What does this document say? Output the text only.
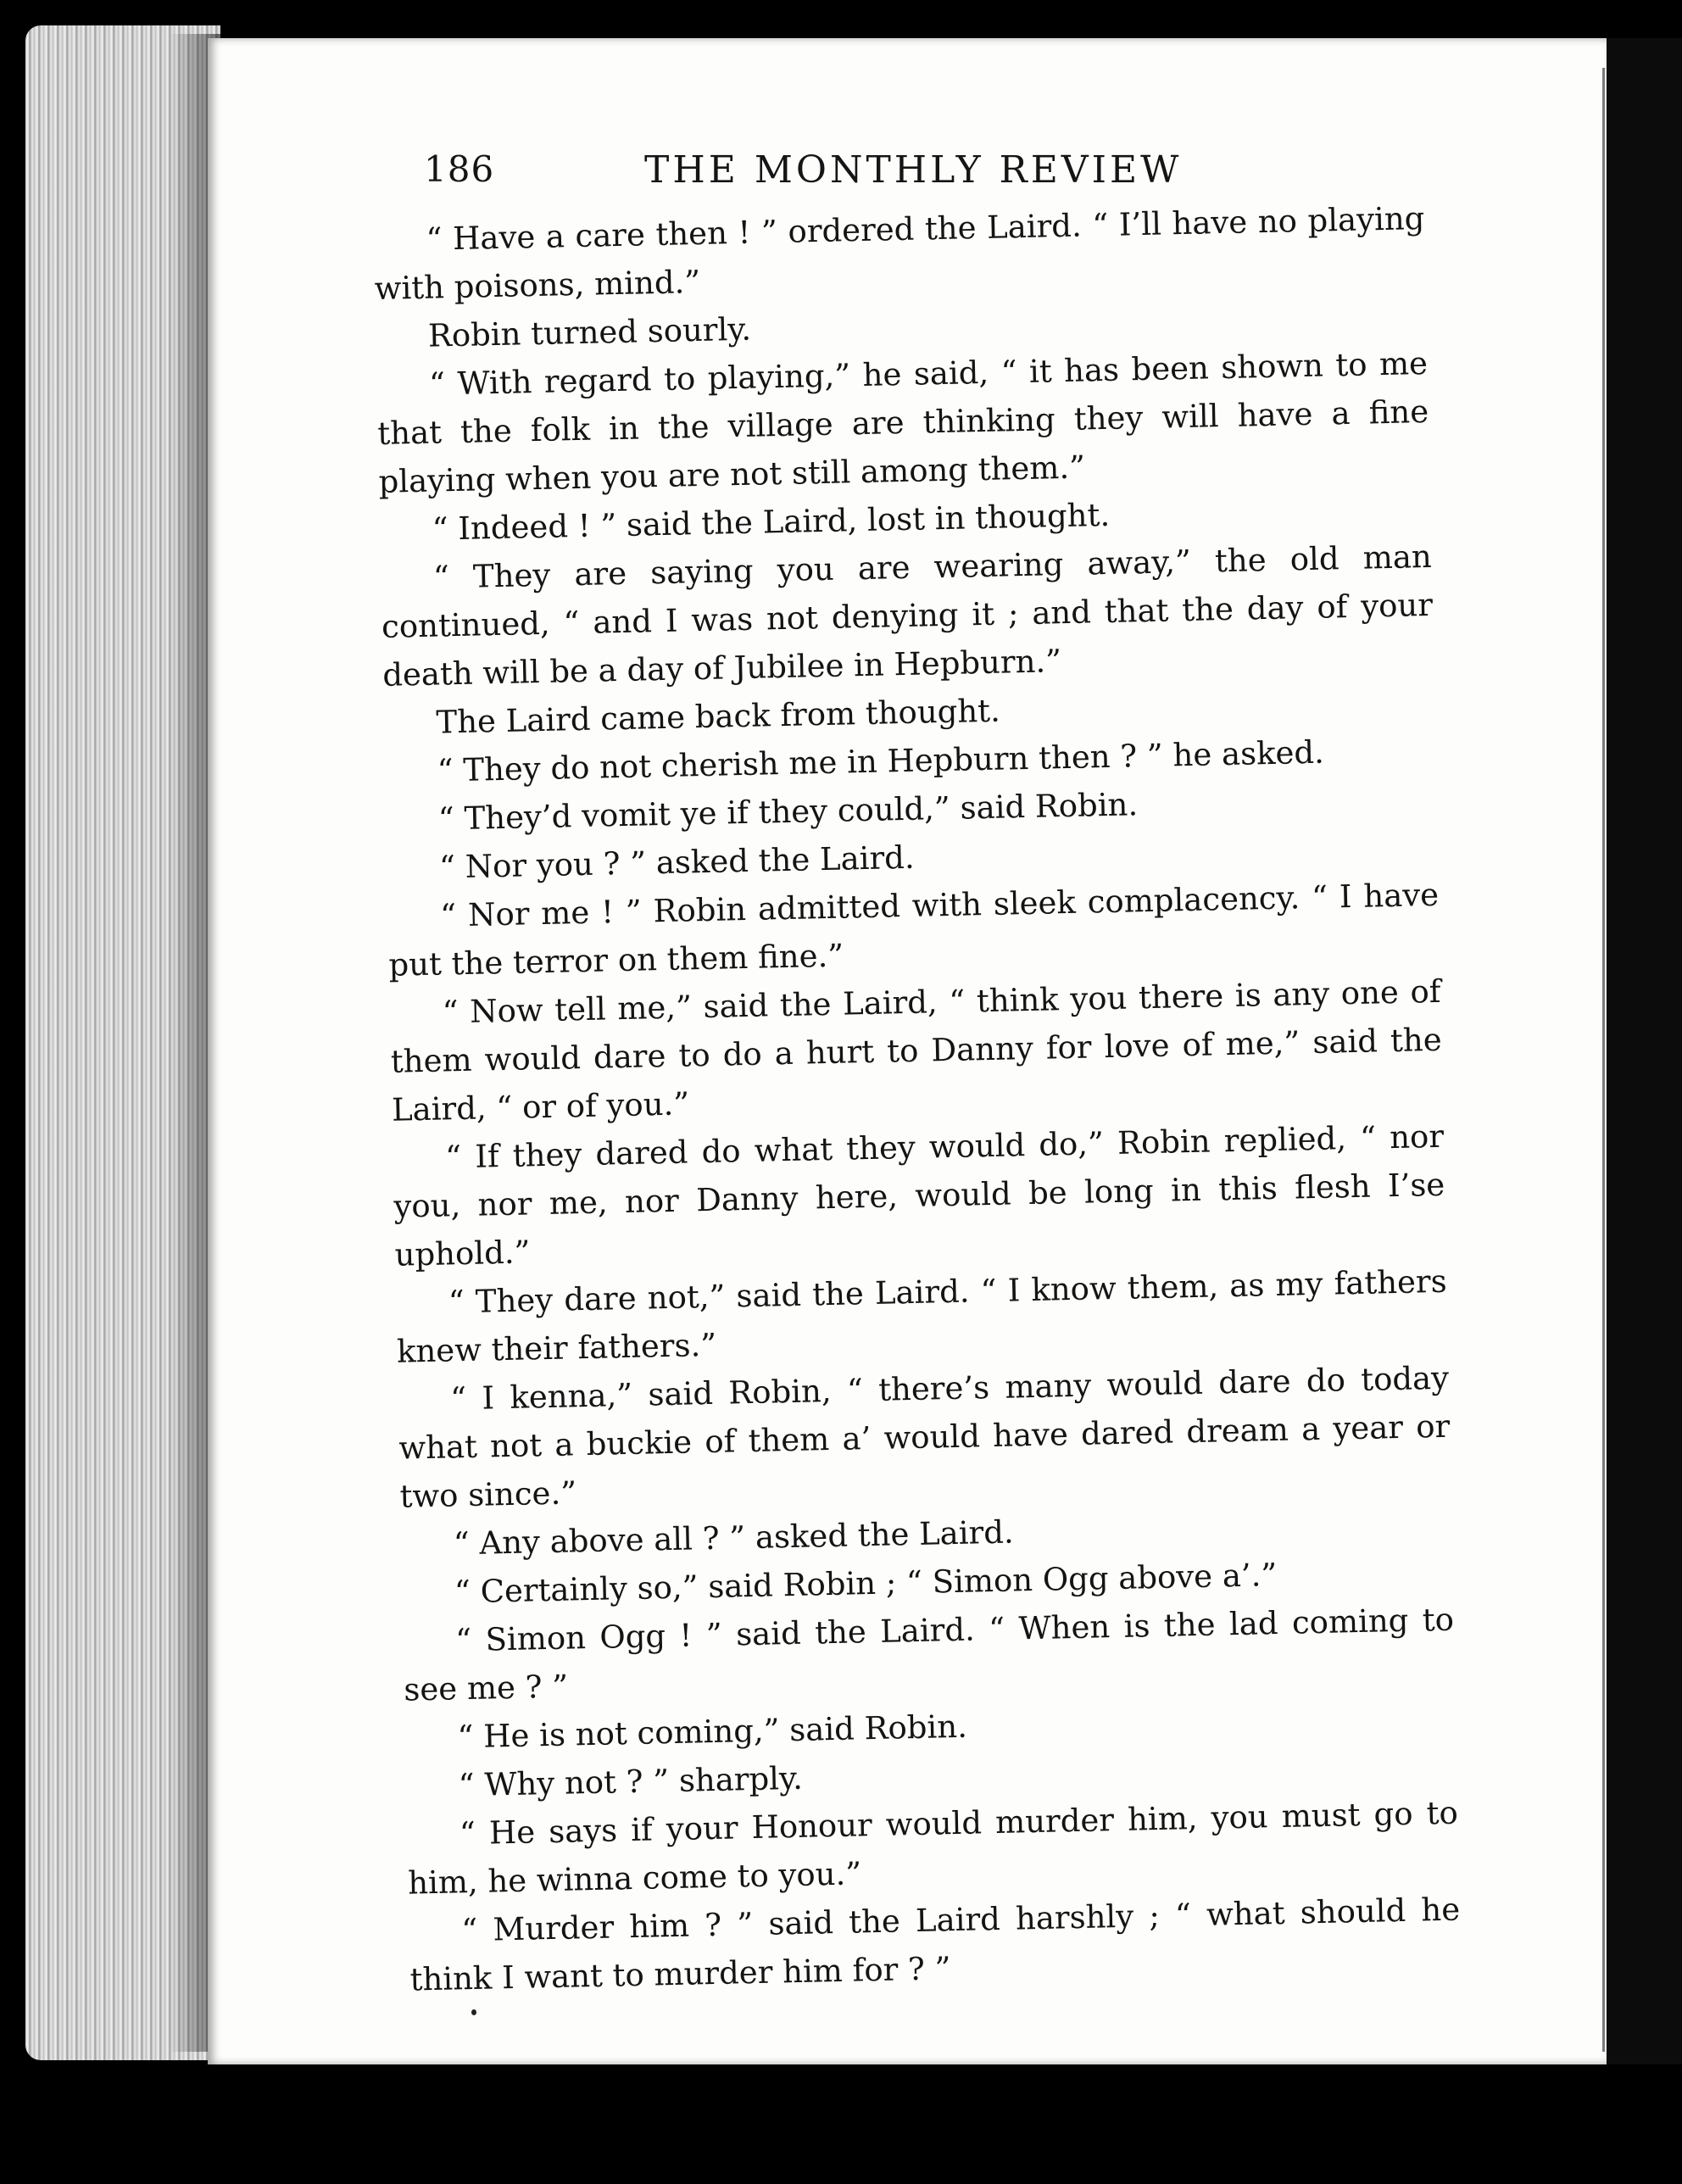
186	THE MONTHLY REVIEW

“ Have a care then ! ” ordered the Laird. “ I’ll have no playing with poisons, mind.”

Robin turned sourly.

“ With regard to playing,” he said, “ it has been shown to me that the folk in the village are thinking they will have a fine playing when you are not still among them.”

“ Indeed ! ” said the Laird, lost in thought.

“ They are saying you are wearing away,” the old man continued, “ and I was not denying it ; and that the day of your death will be a day of Jubilee in Hepburn.”

The Laird came back from thought.

“ They do not cherish me in Hepburn then ? ” he asked.

“ They’d vomit ye if they could,” said Robin.

“ Nor you ? ” asked the Laird.

“ Nor me ! ” Robin admitted with sleek complacency. “ I have put the terror on them fine.”

“ Now tell me,” said the Laird, “ think you there is any one of them would dare to do a hurt to Danny for love of me,” said the Laird, “ or of you.”

“ If they dared do what they would do,” Robin replied, “ nor you, nor me, nor Danny here, would be long in this flesh I’se uphold.”

“ They dare not,” said the Laird. “ I know them, as my fathers knew their fathers.”

“ I kenna,” said Robin, “ there’s many would dare do today what not a buckie of them a’ would have dared dream a year or two since.”

“ Any above all ? ” asked the Laird.

“ Certainly so,” said Robin ; “ Simon Ogg above a’.”

“ Simon Ogg ! ” said the Laird. “ When is the lad coming to see me ? ”

“ He is not coming,” said Robin.

“ Why not ? ” sharply.

“ He says if your Honour would murder him, you must go to him, he winna come to you.”

“ Murder him ? ” said the Laird harshly ; “ what should he think I want to murder him for ? ”
